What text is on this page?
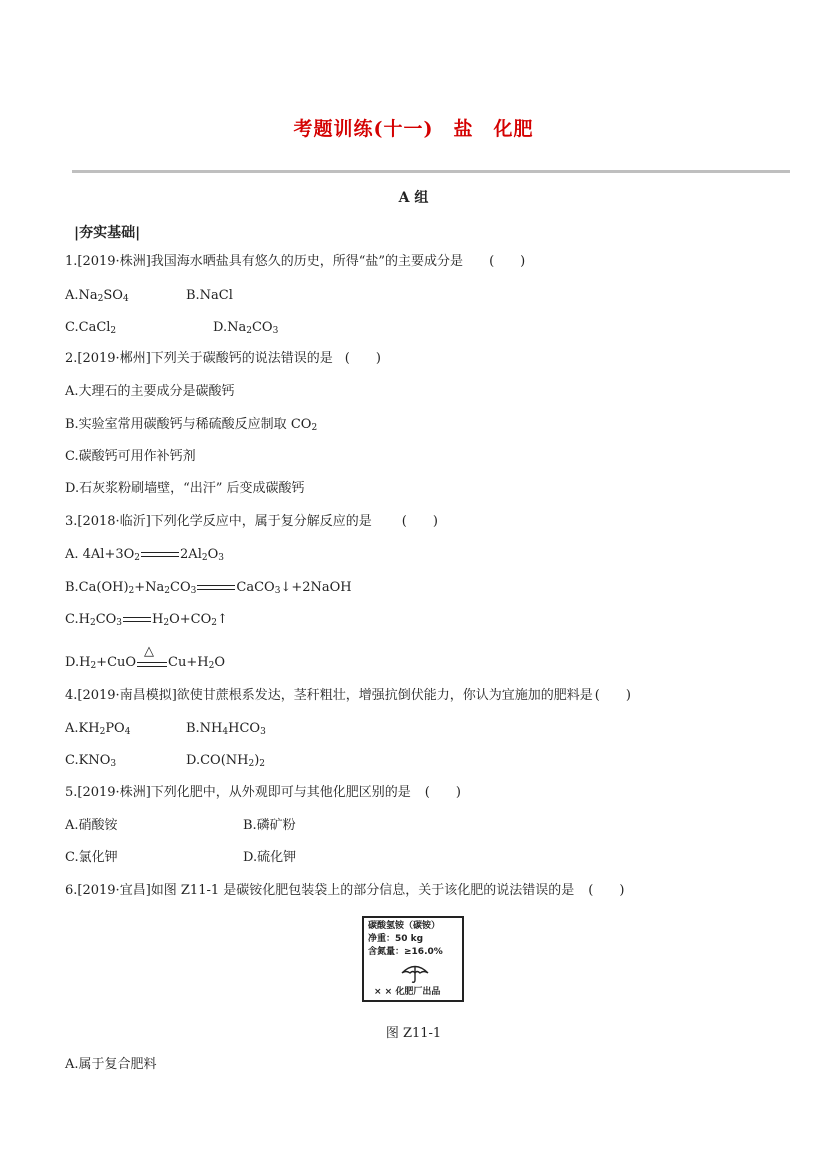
考题训练(十一)　盐　化肥
A 组
|夯实基础|
1.[2019·株洲]我国海水晒盐具有悠久的历史，所得“盐”的主要成分是 (　　)
$A.Na_2SO_4$	B.NaCl
C.CaCl$_2$	$D.Na_2CO_3$
2.[2019·郴州]下列关于碳酸钙的说法错误的是 (　　)
A.大理石的主要成分是碳酸钙
B.实验室常用碳酸钙与稀硫酸反应制取 $CO_2$
C.碳酸钙可用作补钙剂
D.石灰浆粉刷墙壁，“出汗” 后变成碳酸钙
3.[2018·临沂]下列化学反应中，属于复分解反应的是 (　　)
A. $4Al+3O_2$	$2Al_2O_3$
$B.Ca(OH)_2+Na_2CO_3$	CaCO$_3$↓+2NaOH
$C.H_2CO_3$ $H_2O+CO_2↑$
$D.H_2+CuO$
△
$Cu+H_2O$
4.[2019·南昌模拟]欲使甘蔗根系发达，茎秆粗壮，增强抗倒伏能力，你认为宜施加的肥料是 (　　)
$A.KH_2PO_4$	$B.NH_4HCO_3$
$C.KNO_3$	$D.CO(NH_2)_2$
5.[2019·株洲]下列化肥中，从外观即可与其他化肥区别的是 (　　)
A.硝酸铵	B.磷矿粉
C.氯化钾	D.硫化钾
6.[2019·宜昌]如图 Z11-1 是碳铵化肥包装袋上的部分信息，关于该化肥的说法错误的是 (　　)
碳酸氢铵（碳铵）
净重：50 kg
含氮量：≥16.0%
× × 化肥厂出品
图 Z11-1
A.属于复合肥料
